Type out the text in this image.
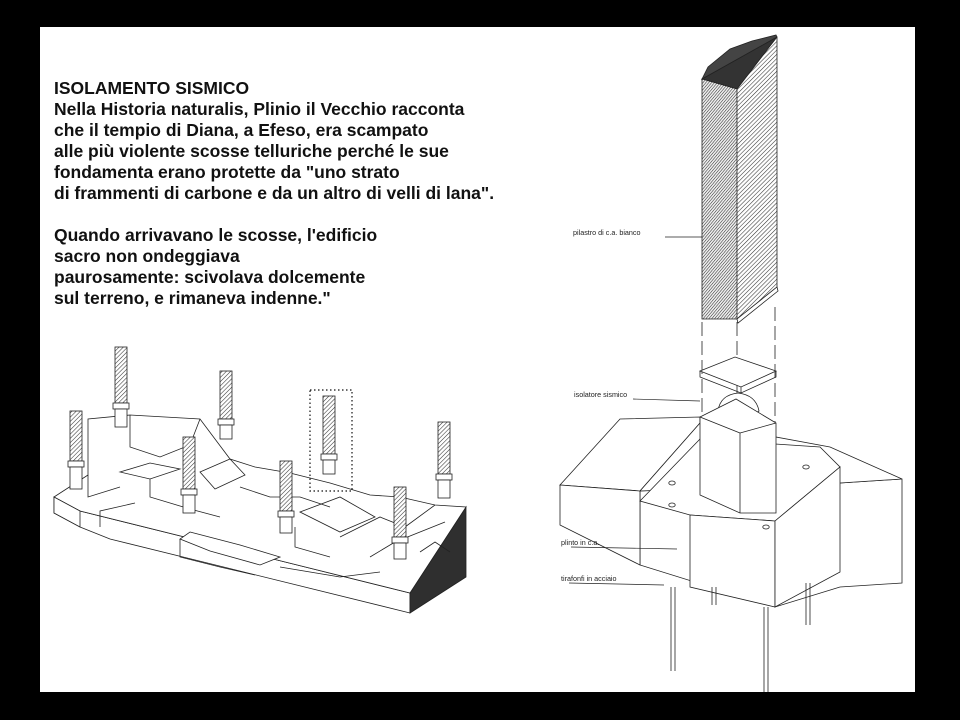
ISOLAMENTO SISMICO
Nella Historia naturalis, Plinio il Vecchio racconta
che il tempio di Diana, a Efeso, era scampato
alle più violente scosse telluriche perché le sue
fondamenta erano protette da "uno strato
di frammenti di carbone e da un altro di velli di lana".
Quando arrivavano le scosse, l'edificio
sacro non ondeggiava
paurosamente: scivolava dolcemente
sul terreno, e rimaneva indenne."
pilastro di c.a. bianco
isolatore sismico
plinto in c.a.
tirafonfi in acciaio
